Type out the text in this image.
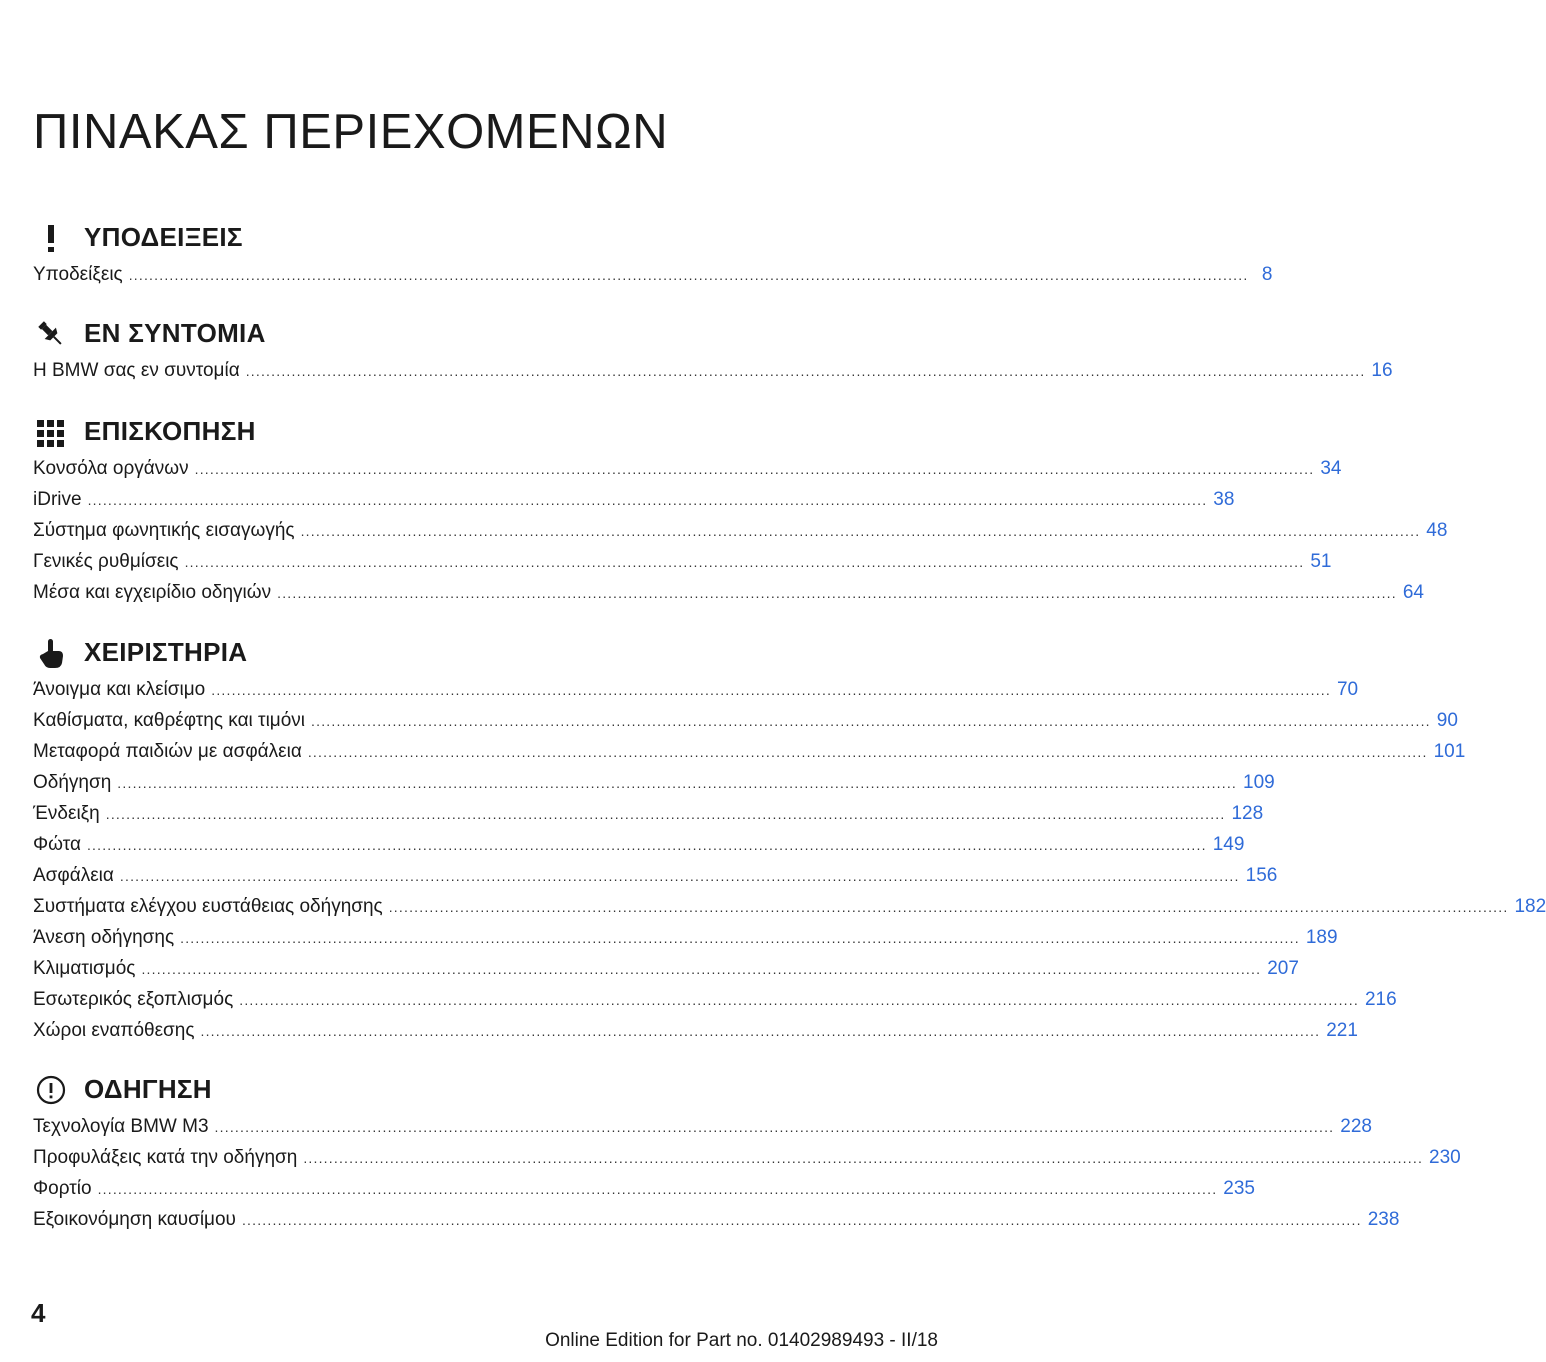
ΠΙΝΑΚΑΣ ΠΕΡΙΕΧΟΜΕΝΩΝ
ΥΠΟΔΕΙΞΕΙΣ
Υποδείξεις ............................................................................................................................................................................................................................ 8
ΕΝ ΣΥΝΤΟΜΙΑ
Η BMW σας εν συντομία ............................................................................................................................................................................................................................ 16
ΕΠΙΣΚΟΠΗΣΗ
Κονσόλα οργάνων ............................................................................................................................................................................................................................ 34
iDrive ............................................................................................................................................................................................................................ 38
Σύστημα φωνητικής εισαγωγής ............................................................................................................................................................................................................................ 48
Γενικές ρυθμίσεις ............................................................................................................................................................................................................................ 51
Μέσα και εγχειρίδιο οδηγιών ............................................................................................................................................................................................................................ 64
ΧΕΙΡΙΣΤΗΡΙΑ
Άνοιγμα και κλείσιμο ............................................................................................................................................................................................................................ 70
Καθίσματα, καθρέφτης και τιμόνι ............................................................................................................................................................................................................................ 90
Μεταφορά παιδιών με ασφάλεια ............................................................................................................................................................................................................................ 101
Οδήγηση ............................................................................................................................................................................................................................ 109
Ένδειξη ............................................................................................................................................................................................................................ 128
Φώτα ............................................................................................................................................................................................................................ 149
Ασφάλεια ............................................................................................................................................................................................................................ 156
Συστήματα ελέγχου ευστάθειας οδήγησης ............................................................................................................................................................................................................................ 182
Άνεση οδήγησης ............................................................................................................................................................................................................................ 189
Κλιματισμός ............................................................................................................................................................................................................................ 207
Εσωτερικός εξοπλισμός ............................................................................................................................................................................................................................ 216
Χώροι εναπόθεσης ............................................................................................................................................................................................................................ 221
ΟΔΗΓΗΣΗ
Τεχνολογία BMW M3 ............................................................................................................................................................................................................................ 228
Προφυλάξεις κατά την οδήγηση ............................................................................................................................................................................................................................ 230
Φορτίο ............................................................................................................................................................................................................................ 235
Εξοικονόμηση καυσίμου ............................................................................................................................................................................................................................ 238
4
Online Edition for Part no. 01402989493 - II/18
